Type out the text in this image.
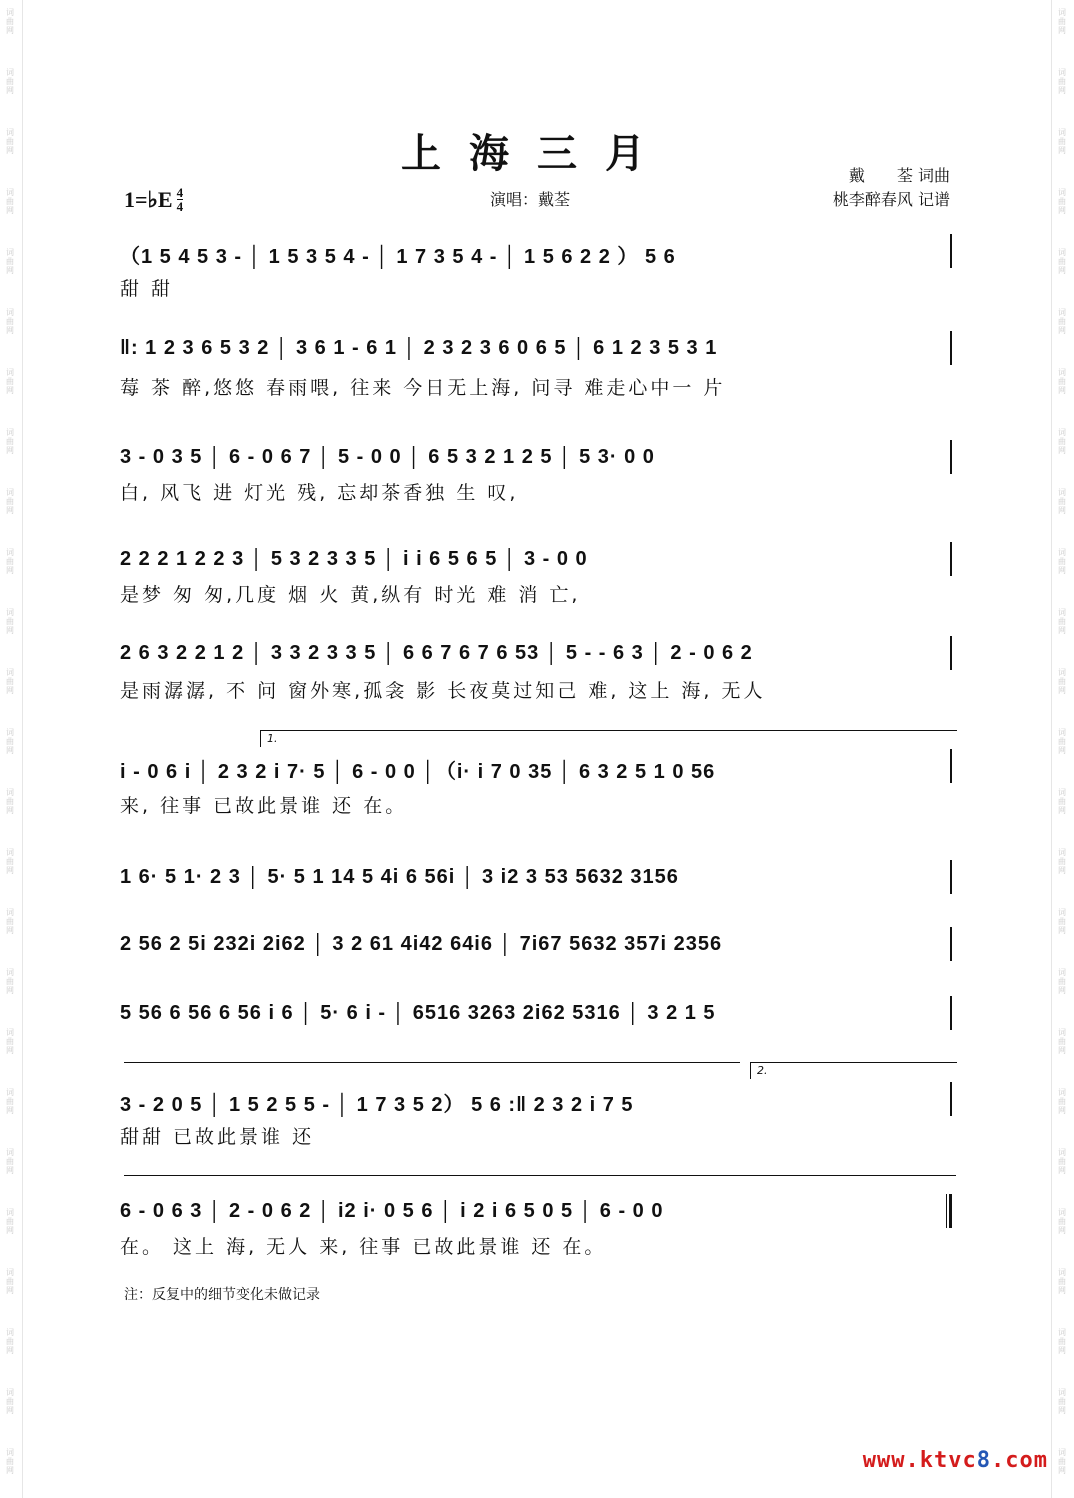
词
曲
网
词
曲
网
词
曲
网
词
曲
网
词
曲
网
词
曲
网
词
曲
网
词
曲
网
词
曲
网
词
曲
网
词
曲
网
词
曲
网
词
曲
网
词
曲
网
词
曲
网
词
曲
网
词
曲
网
词
曲
网
词
曲
网
词
曲
网
词
曲
网
词
曲
网
词
曲
网
词
曲
网
词
曲
网
词
曲
网
词
曲
网
词
曲
网
词
曲
网
词
曲
网
词
曲
网
词
曲
网
词
曲
网
词
曲
网
词
曲
网
词
曲
网
词
曲
网
词
曲
网
词
曲
网
词
曲
网
词
曲
网
词
曲
网
词
曲
网
词
曲
网
词
曲
网
词
曲
网
词
曲
网
词
曲
网
词
曲
网
词
曲
网
上海三月
1=♭E $\frac{4}{4}$	演唱：戴荃
戴　　荃 词曲
桃李醉春风 记谱
（1 5 4 5 3 - │ 1 5 3 5 4 - │ 1 7 3 5 4 - │ 1 5 6 2 2 ） 5 6
甜 甜
‖: 1 2 3 6 5 3 2 │ 3 6 1 - 6 1 │ 2 3 2 3 6 0 6 5 │ 6 1 2 3 5 3 1
莓 茶 醉,悠悠 春雨喂, 往来 今日无上海, 问寻 难走心中一 片
3 - 0 3 5 │ 6 - 0 6 7 │ 5 - 0 0 │ 6 5 3 2 1 2 5 │ 5 3· 0 0
白, 风飞 进 灯光 残, 忘却茶香独 生 叹,
2 2 2 1 2 2 3 │ 5 3 2 3 3 5 │ i i 6 5 6 5 │ 3 - 0 0
是梦 匆 匆,几度 烟 火 黄,纵有 时光 难 消 亡,
2 6 3 2 2 1 2 │ 3 3 2 3 3 5 │ 6 6 7 6 7 6 53 │ 5 - - 6 3 │ 2 - 0 6 2
是雨潺潺, 不 问 窗外寒,孤衾 影 长夜莫过知己 难, 这上 海, 无人
1.
i - 0 6 i │ 2 3 2 i 7· 5 │ 6 - 0 0 │（i· i 7 0 35 │ 6 3 2 5 1 0 56
来, 往事 已故此景谁 还 在。
1 6· 5 1· 2 3 │ 5· 5 1 14 5 4i 6 56i │ 3 i2 3 53 5632 3156
2 56 2 5i 232i 2i62 │ 3 2 61 4i42 64i6 │ 7i67 5632 357i 2356
5 56 6 56 6 56 i 6 │ 5· 6 i - │ 6516 3263 2i62 5316 │ 3 2 1 5
2.
3 - 2 0 5 │ 1 5 2 5 5 - │ 1 7 3 5 2） 5 6 :‖ 2 3 2 i 7 5
甜甜 已故此景谁 还
6 - 0 6 3 │ 2 - 0 6 2 │ i2 i· 0 5 6 │ i 2 i 6 5 0 5 │ 6 - 0 0
在。 这上 海, 无人 来, 往事 已故此景谁 还 在。
注：反复中的细节变化未做记录
www.ktvc8.com
